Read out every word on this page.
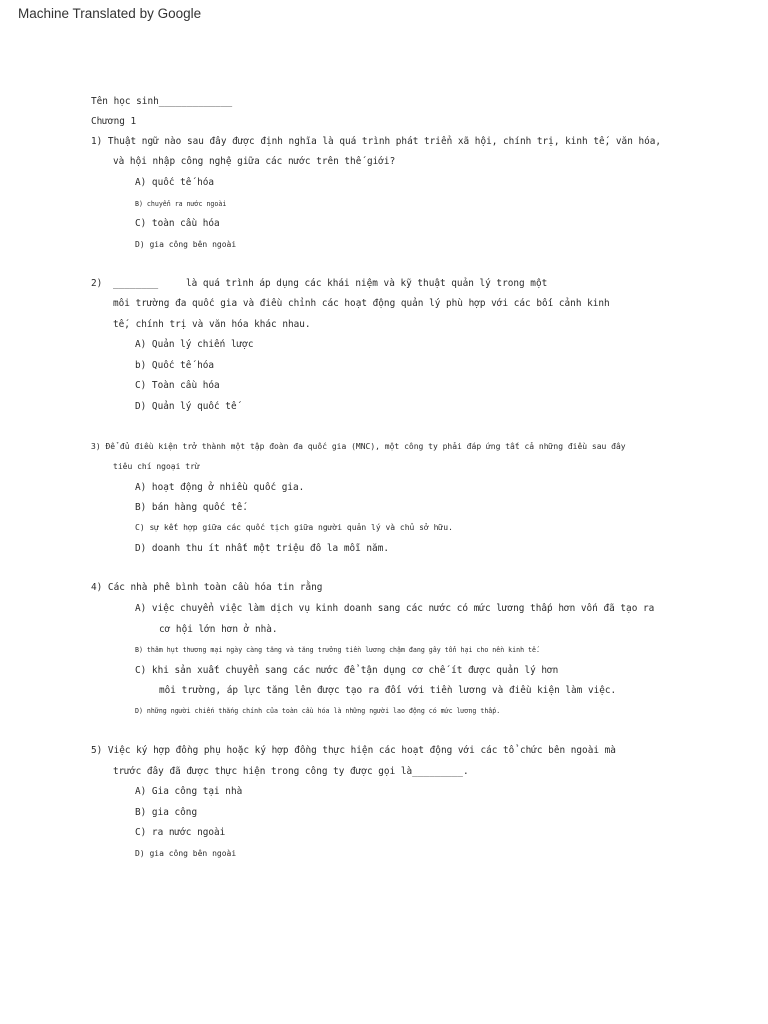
Machine Translated by Google
Tên học sinh_____________
Chương 1
1) Thuật ngữ nào sau đây được định nghĩa là quá trình phát triển xã hội, chính trị, kinh tế, văn hóa,
và hội nhập công nghệ giữa các nước trên thế giới?
A) quốc tế hóa
B) chuyển ra nước ngoài
C) toàn cầu hóa
D) gia công bên ngoài
2) ________	là quá trình áp dụng các khái niệm và kỹ thuật quản lý trong một
môi trường đa quốc gia và điều chỉnh các hoạt động quản lý phù hợp với các bối cảnh kinh
tế, chính trị và văn hóa khác nhau.
A) Quản lý chiến lược
b) Quốc tế hóa
C) Toàn cầu hóa
D) Quản lý quốc tế
3) Để đủ điều kiện trở thành một tập đoàn đa quốc gia (MNC), một công ty phải đáp ứng tất cả những điều sau đây
tiêu chí ngoại trừ
A) hoạt động ở nhiều quốc gia.
B) bán hàng quốc tế.
C) sự kết hợp giữa các quốc tịch giữa người quản lý và chủ sở hữu.
D) doanh thu ít nhất một triệu đô la mỗi năm.
4) Các nhà phê bình toàn cầu hóa tin rằng
A) việc chuyển việc làm dịch vụ kinh doanh sang các nước có mức lương thấp hơn vốn đã tạo ra
cơ hội lớn hơn ở nhà.
B) thâm hụt thương mại ngày càng tăng và tăng trưởng tiền lương chậm đang gây tổn hại cho nền kinh tế.
C) khi sản xuất chuyển sang các nước để tận dụng cơ chế ít được quản lý hơn
môi trường, áp lực tăng lên được tạo ra đối với tiền lương và điều kiện làm việc.
D) những người chiến thắng chính của toàn cầu hóa là những người lao động có mức lương thấp.
5) Việc ký hợp đồng phụ hoặc ký hợp đồng thực hiện các hoạt động với các tổ chức bên ngoài mà
trước đây đã được thực hiện trong công ty được gọi là_________.
A) Gia công tại nhà
B) gia công
C) ra nước ngoài
D) gia công bên ngoài
